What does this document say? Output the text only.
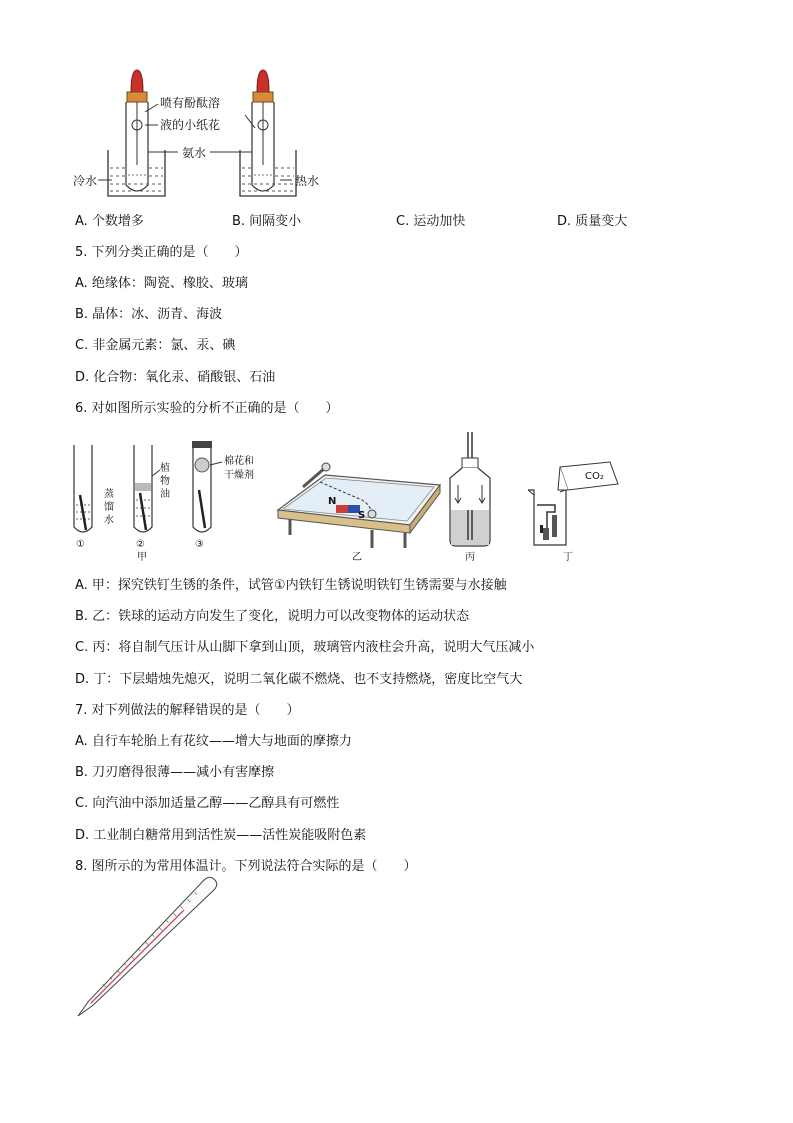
喷有酚酞溶
液的小纸花
氨水
冷水	热水
A. 个数增多	B. 间隔变小	C. 运动加快	D. 质量变大
5. 下列分类正确的是（　　）
A. 绝缘体：陶瓷、橡胶、玻璃
B. 晶体：冰、沥青、海波
C. 非金属元素：氯、汞、碘
D. 化合物：氧化汞、硝酸银、石油
6. 对如图所示实验的分析不正确的是（　　）
蒸馏水
植物油
棉花和
干燥剂
①	②	③
甲	乙	丙	丁
N
S
CO₂
A. 甲：探究铁钉生锈的条件，试管①内铁钉生锈说明铁钉生锈需要与水接触
B. 乙：铁球的运动方向发生了变化，说明力可以改变物体的运动状态
C. 丙：将自制气压计从山脚下拿到山顶，玻璃管内液柱会升高，说明大气压减小
D. 丁：下层蜡烛先熄灭，说明二氧化碳不燃烧、也不支持燃烧，密度比空气大
7. 对下列做法的解释错误的是（　　）
A. 自行车轮胎上有花纹——增大与地面的摩擦力
B. 刀刃磨得很薄——减小有害摩擦
C. 向汽油中添加适量乙醇——乙醇具有可燃性
D. 工业制白糖常用到活性炭——活性炭能吸附色素
8. 图所示的为常用体温计。下列说法符合实际的是（　　）
